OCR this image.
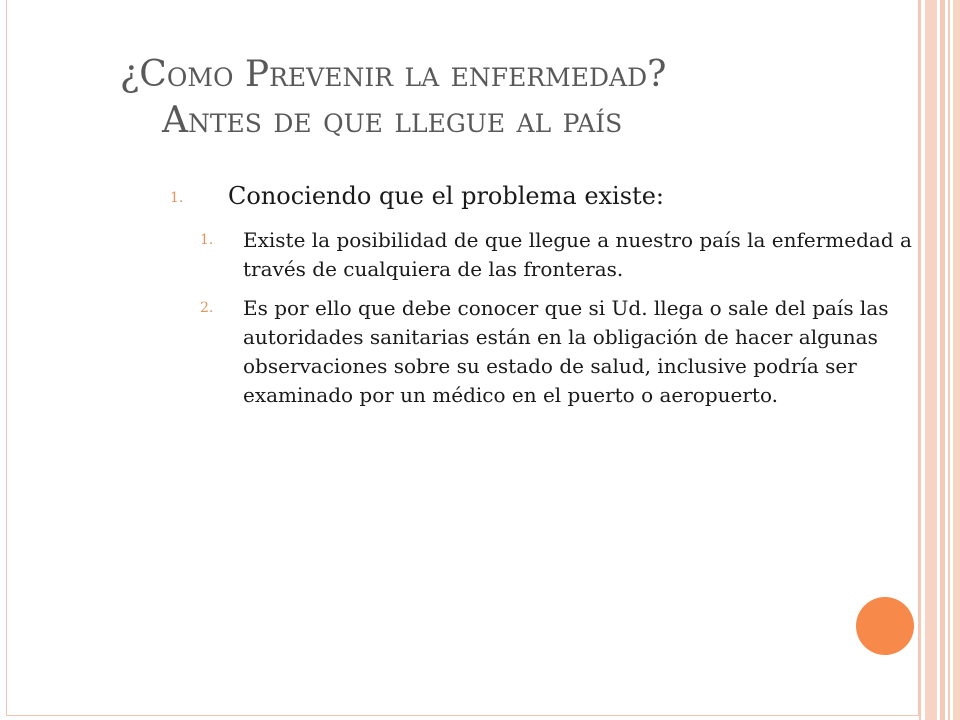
¿Como Prevenir la enfermedad?
Antes de que llegue al país
1. Conociendo que el problema existe:
1. Existe la posibilidad de que llegue a nuestro país la enfermedad a través de cualquiera de las fronteras.
2. Es por ello que debe conocer que si Ud. llega o sale del país las autoridades sanitarias están en la obligación de hacer algunas observaciones sobre su estado de salud, inclusive podría ser examinado por un médico en el puerto o aeropuerto.
